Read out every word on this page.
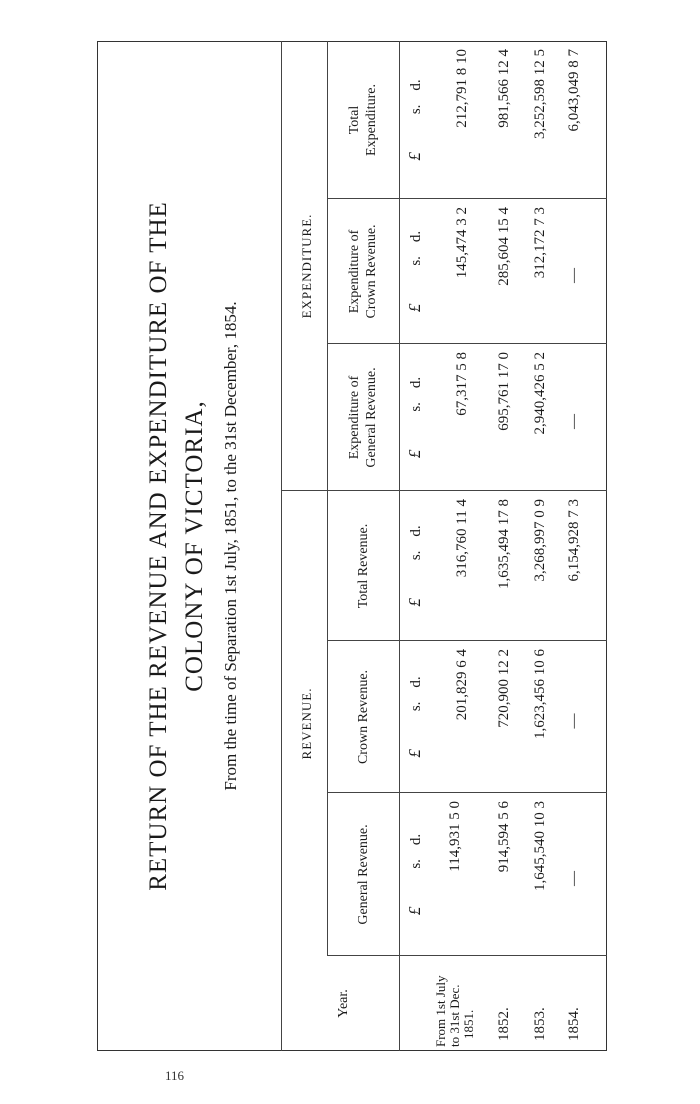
RETURN OF THE REVENUE AND EXPENDITURE OF THE COLONY OF VICTORIA, From the time of Separation 1st July, 1851, to the 31st December, 1854.	REVENUE.
EXPENDITURE.
Year.
General Revenue.
Crown Revenue.
Total Revenue.
Expenditure of General Revenue.
Expenditure of Crown Revenue.
Total Expenditure.
£s.d.
£s.d.
£s.d.
£s.d.
£s.d.
£s.d.
From 1st July to 31st Dec. 1851.
114,931 5 0
201,829 6 4
316,760 11 4
67,317 5 8
145,474 3 2
212,791 8 10
1852.
914,594 5 6
720,900 12 2
1,635,494 17 8
695,761 17 0
285,604 15 4
981,566 12 4
1853.
1,645,540 10 3
1,623,456 10 6
3,268,997 0 9
2,940,426 5 2
312,172 7 3
3,252,598 12 5
1854.
—
—
6,154,928 7 3
—
—
6,043,049 8 7
116
